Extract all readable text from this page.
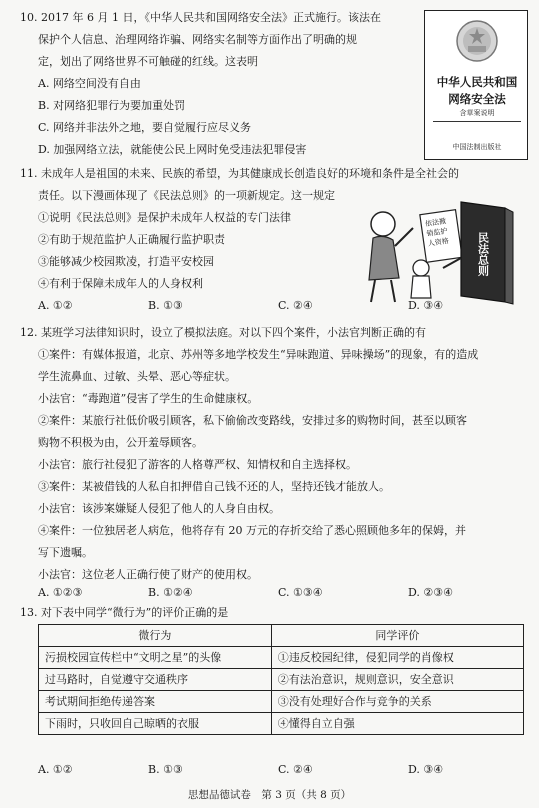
10. 2017 年 6 月 1 日，《中华人民共和国网络安全法》正式施行。该法在
保护个人信息、治理网络诈骗、网络实名制等方面作出了明确的规
定，划出了网络世界不可触碰的红线。这表明
A. 网络空间没有自由
B. 对网络犯罪行为要加重处罚
C. 网络并非法外之地，要自觉履行应尽义务
D. 加强网络立法，就能使公民上网时免受违法犯罪侵害
中华人民共和国
网络安全法
含草案说明
中国法制出版社
11. 未成年人是祖国的未来、民族的希望，为其健康成长创造良好的环境和条件是全社会的
责任。以下漫画体现了《民法总则》的一项新规定。这一规定
①说明《民法总则》是保护未成年人权益的专门法律
②有助于规范监护人正确履行监护职责
③能够减少校园欺凌，打造平安校园
④有利于保障未成年人的人身权利
A. ①②	B. ①③	C. ②④	D. ③④
依法撤销监护人资格 民法总则
12. 某班学习法律知识时，设立了模拟法庭。对以下四个案件，小法官判断正确的有
①案件：有媒体报道，北京、苏州等多地学校发生“异味跑道、异味操场”的现象，有的造成
学生流鼻血、过敏、头晕、恶心等症状。
小法官：“毒跑道”侵害了学生的生命健康权。
②案件：某旅行社低价吸引顾客，私下偷偷改变路线，安排过多的购物时间，甚至以顾客
购物不积极为由，公开羞辱顾客。
小法官：旅行社侵犯了游客的人格尊严权、知情权和自主选择权。
③案件：某被借钱的人私自扣押借自己钱不还的人，坚持还钱才能放人。
小法官：该涉案嫌疑人侵犯了他人的人身自由权。
④案件：一位独居老人病危，他将存有 20 万元的存折交给了悉心照顾他多年的保姆，并
写下遗嘱。
小法官：这位老人正确行使了财产的使用权。
A. ①②③	B. ①②④	C. ①③④	D. ②③④
13. 对下表中同学“微行为”的评价正确的是
微行为	同学评价
污损校园宣传栏中“文明之星”的头像	①违反校园纪律，侵犯同学的肖像权
过马路时，自觉遵守交通秩序	②有法治意识，规则意识，安全意识
考试期间拒绝传递答案	③没有处理好合作与竞争的关系
下雨时，只收回自己晾晒的衣服	④懂得自立自强
A. ①②	B. ①③	C. ②④	D. ③④
思想品德试卷　第 3 页（共 8 页）
